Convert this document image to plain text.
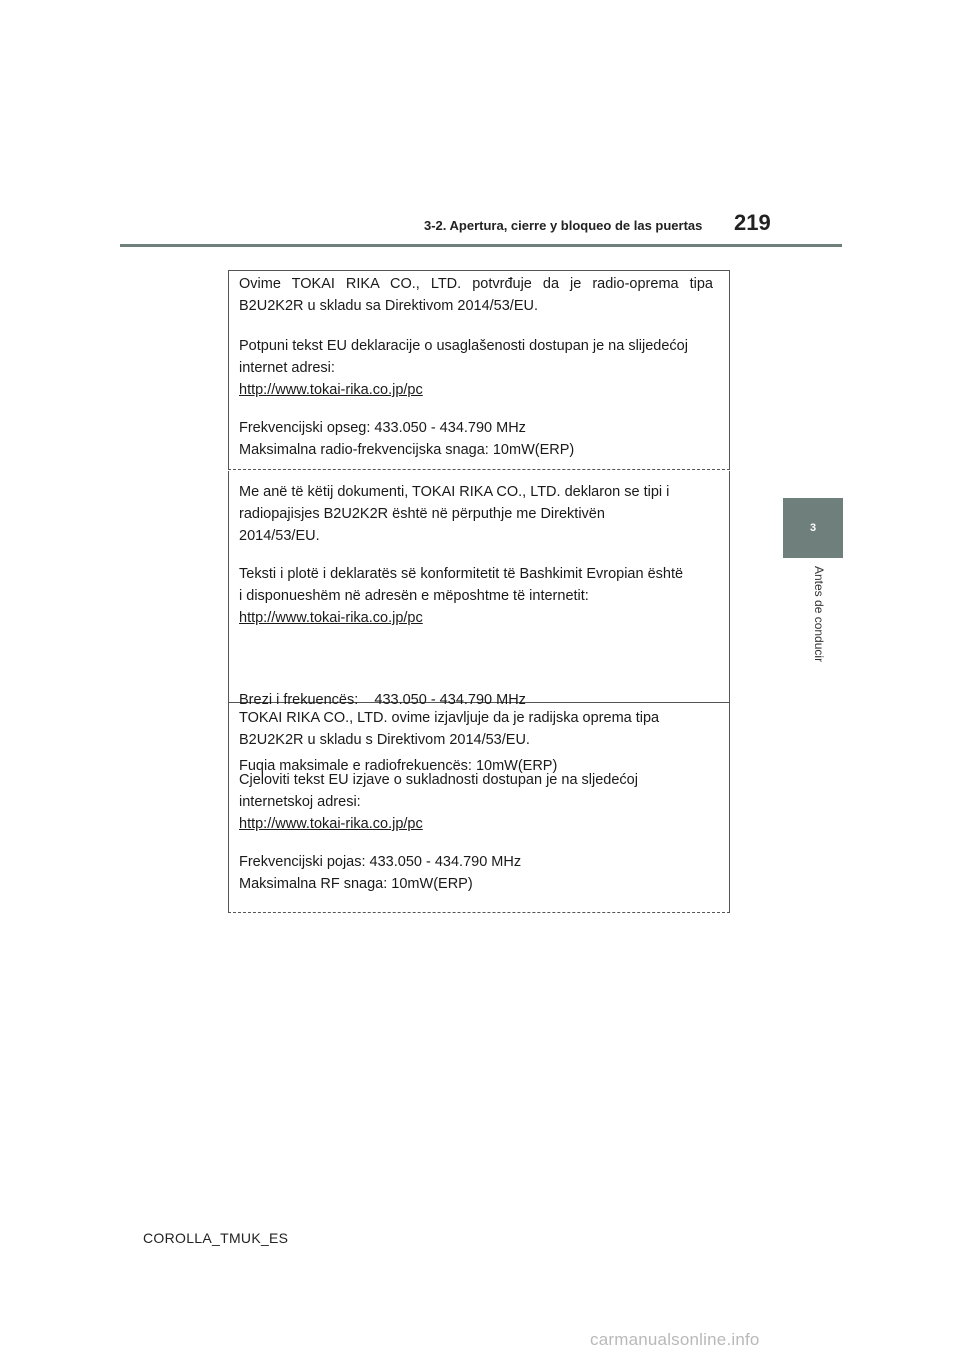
3-2. Apertura, cierre y bloqueo de las puertas 219
3
Antes de conducir

Ovime TOKAI RIKA CO., LTD. potvrđuje da je radio-oprema tipa
B2U2K2R u skladu sa Direktivom 2014/53/EU.

Potpuni tekst EU deklaracije o usaglašenosti dostupan je na slijedećoj
internet adresi:
http://www.tokai-rika.co.jp/pc

Frekvencijski opseg: 433.050 - 434.790 MHz
Maksimalna radio-frekvencijska snaga: 10mW(ERP)

Me anë të këtij dokumenti, TOKAI RIKA CO., LTD. deklaron se tipi i
radiopajisjes B2U2K2R është në përputhje me Direktivën
2014/53/EU.

Teksti i plotë i deklaratës së konformitetit të Bashkimit Evropian është
i disponueshëm në adresën e mëposhtme të internetit:
http://www.tokai-rika.co.jp/pc

Brezi i frekuencës:    433.050 - 434.790 MHz

Fuqia maksimale e radiofrekuencës: 10mW(ERP)

TOKAI RIKA CO., LTD. ovime izjavljuje da je radijska oprema tipa
B2U2K2R u skladu s Direktivom 2014/53/EU.

Cjeloviti tekst EU izjave o sukladnosti dostupan je na sljedećoj
internetskoj adresi:
http://www.tokai-rika.co.jp/pc

Frekvencijski pojas: 433.050 - 434.790 MHz
Maksimalna RF snaga: 10mW(ERP)

COROLLA_TMUK_ES
carmanualsonline.info
